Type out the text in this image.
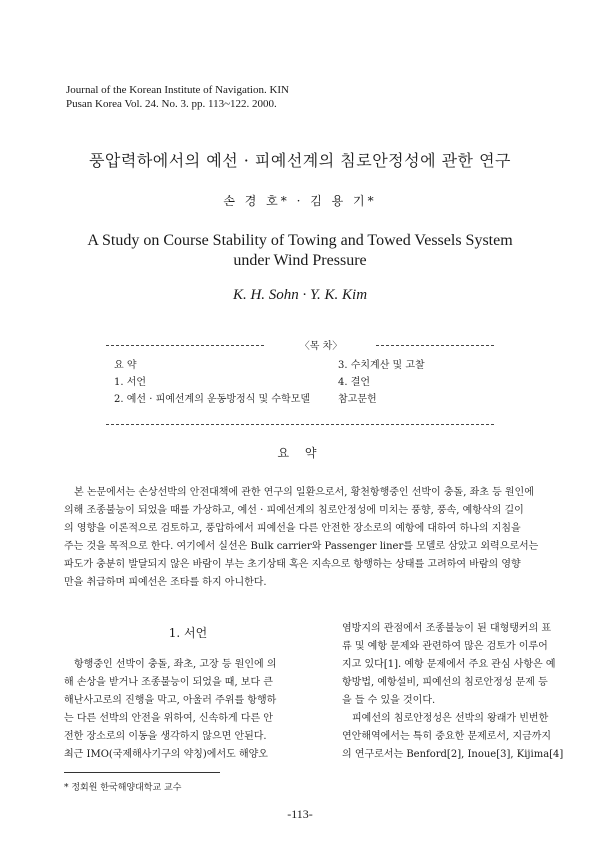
Journal of the Korean Institute of Navigation. KIN
Pusan Korea Vol. 24. No. 3. pp. 113~122. 2000.
풍압력하에서의 예선 · 피예선계의 침로안정성에 관한 연구
손 경 호* · 김 용 기*
A Study on Course Stability of Towing and Towed Vessels System
under Wind Pressure
K. H. Sohn · Y. K. Kim
〈목 차〉
요 약
1. 서언
2. 예선 · 피예선계의 운동방정식 및 수학모델
3. 수치계산 및 고찰
4. 결언
참고문헌
요 약
본 논문에서는 손상선박의 안전대책에 관한 연구의 일환으로서, 황천항행중인 선박이 충돌, 좌초 등 원인에
의해 조종불능이 되었을 때를 가상하고, 예선 · 피예선계의 침로안정성에 미치는 풍향, 풍속, 예항삭의 길이
의 영향을 이론적으로 검토하고, 풍압하에서 피예선을 다른 안전한 장소로의 예항에 대하여 하나의 지침을
주는 것을 목적으로 한다. 여기에서 실선은 Bulk carrier와 Passenger liner를 모델로 삼았고 외력으로서는
파도가 충분히 발달되지 않은 바람이 부는 초기상태 혹은 지속으로 항행하는 상태를 고려하여 바람의 영향
만을 취급하며 피예선은 조타를 하지 아니한다.
1. 서언
항행중인 선박이 충돌, 좌초, 고장 등 원인에 의
해 손상을 받거나 조종불능이 되었을 때, 보다 큰
해난사고로의 진행을 막고, 아울러 주위를 항행하
는 다른 선박의 안전을 위하여, 신속하게 다른 안
전한 장소로의 이동을 생각하지 않으면 안된다.
최근 IMO(국제해사기구의 약칭)에서도 해양오
염방지의 관점에서 조종불능이 된 대형탱커의 표
류 및 예항 문제와 관련하여 많은 검토가 이루어
지고 있다[1]. 예항 문제에서 주요 관심 사항은 예
항방법, 예항설비, 피예선의 침로안정성 문제 등
을 들 수 있을 것이다.
피예선의 침로안정성은 선박의 왕래가 빈번한
연안해역에서는 특히 중요한 문제로서, 지금까지
의 연구로서는 Benford[2], Inoue[3], Kijima[4]
* 정회원 한국해양대학교 교수
-113-
